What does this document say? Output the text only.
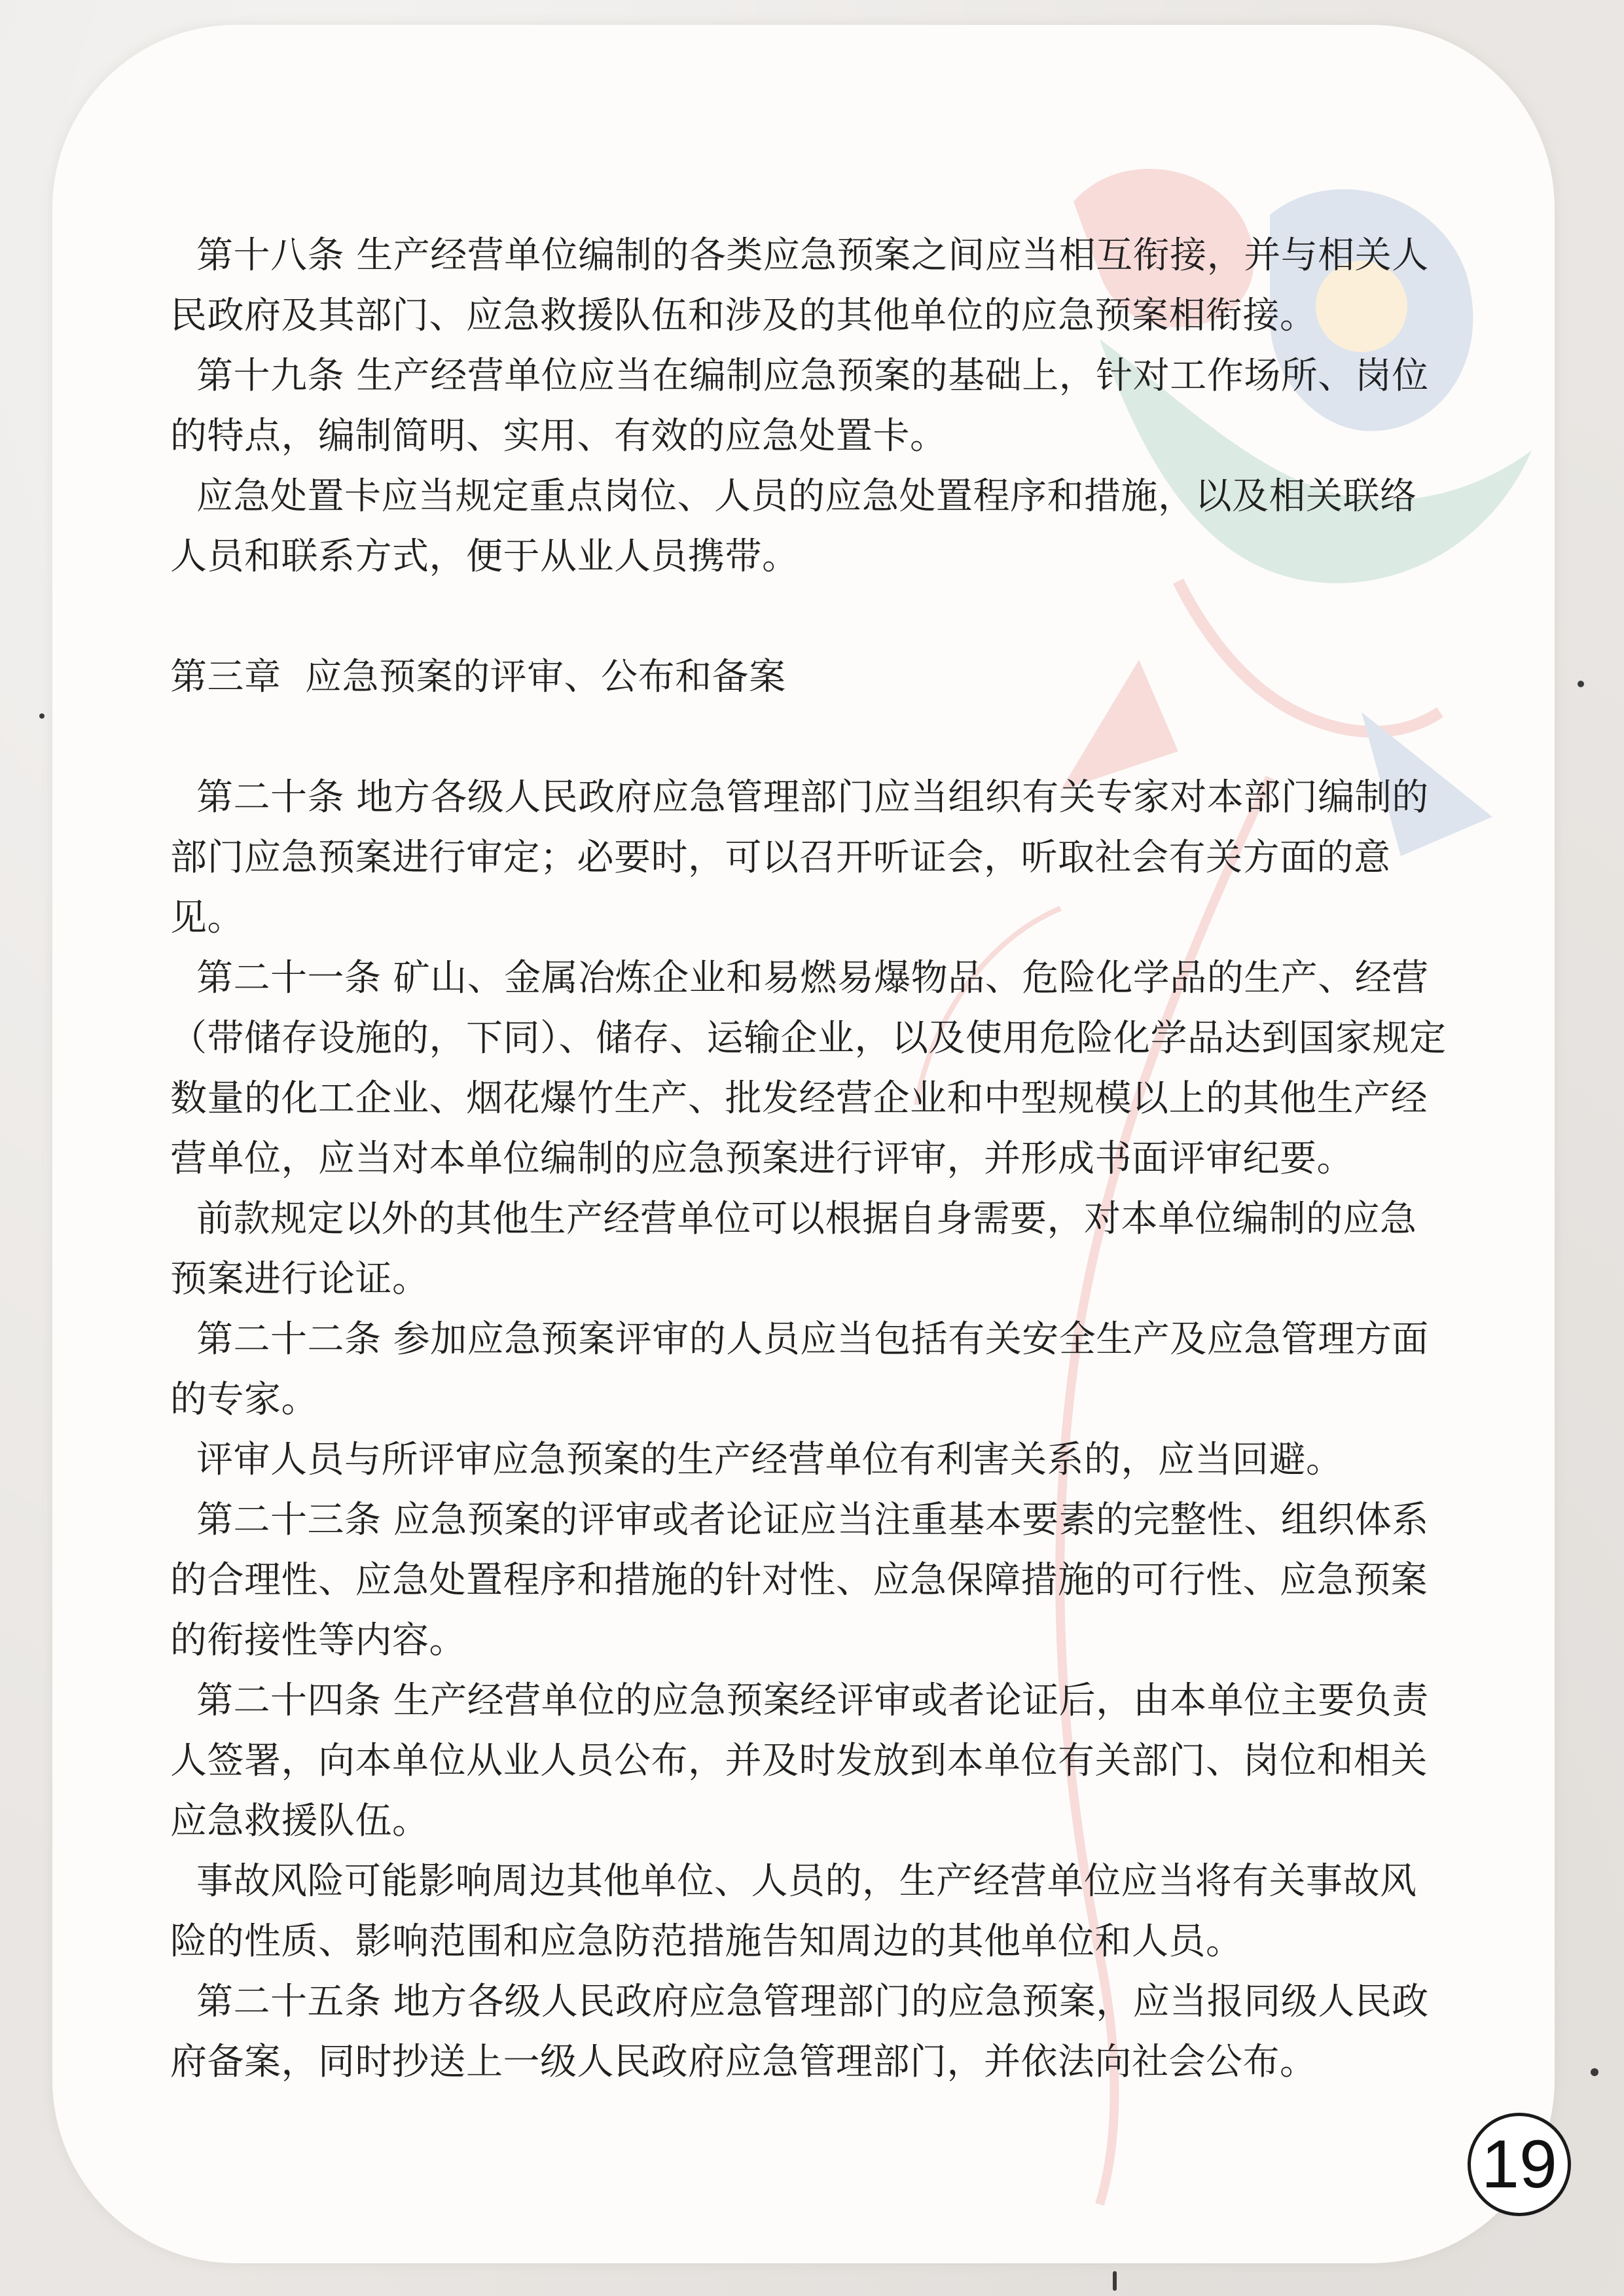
第十八条 生产经营单位编制的各类应急预案之间应当相互衔接，并与相关人民政府及其部门、应急救援队伍和涉及的其他单位的应急预案相衔接。

第十九条 生产经营单位应当在编制应急预案的基础上，针对工作场所、岗位的特点，编制简明、实用、有效的应急处置卡。

应急处置卡应当规定重点岗位、人员的应急处置程序和措施，以及相关联络人员和联系方式，便于从业人员携带。

第三章  应急预案的评审、公布和备案

第二十条 地方各级人民政府应急管理部门应当组织有关专家对本部门编制的部门应急预案进行审定；必要时，可以召开听证会，听取社会有关方面的意见。

第二十一条 矿山、金属冶炼企业和易燃易爆物品、危险化学品的生产、经营（带储存设施的，下同）、储存、运输企业，以及使用危险化学品达到国家规定数量的化工企业、烟花爆竹生产、批发经营企业和中型规模以上的其他生产经营单位，应当对本单位编制的应急预案进行评审，并形成书面评审纪要。

前款规定以外的其他生产经营单位可以根据自身需要，对本单位编制的应急预案进行论证。

第二十二条 参加应急预案评审的人员应当包括有关安全生产及应急管理方面的专家。

评审人员与所评审应急预案的生产经营单位有利害关系的，应当回避。

第二十三条 应急预案的评审或者论证应当注重基本要素的完整性、组织体系的合理性、应急处置程序和措施的针对性、应急保障措施的可行性、应急预案的衔接性等内容。

第二十四条 生产经营单位的应急预案经评审或者论证后，由本单位主要负责人签署，向本单位从业人员公布，并及时发放到本单位有关部门、岗位和相关应急救援队伍。

事故风险可能影响周边其他单位、人员的，生产经营单位应当将有关事故风险的性质、影响范围和应急防范措施告知周边的其他单位和人员。

第二十五条 地方各级人民政府应急管理部门的应急预案，应当报同级人民政府备案，同时抄送上一级人民政府应急管理部门，并依法向社会公布。

19
